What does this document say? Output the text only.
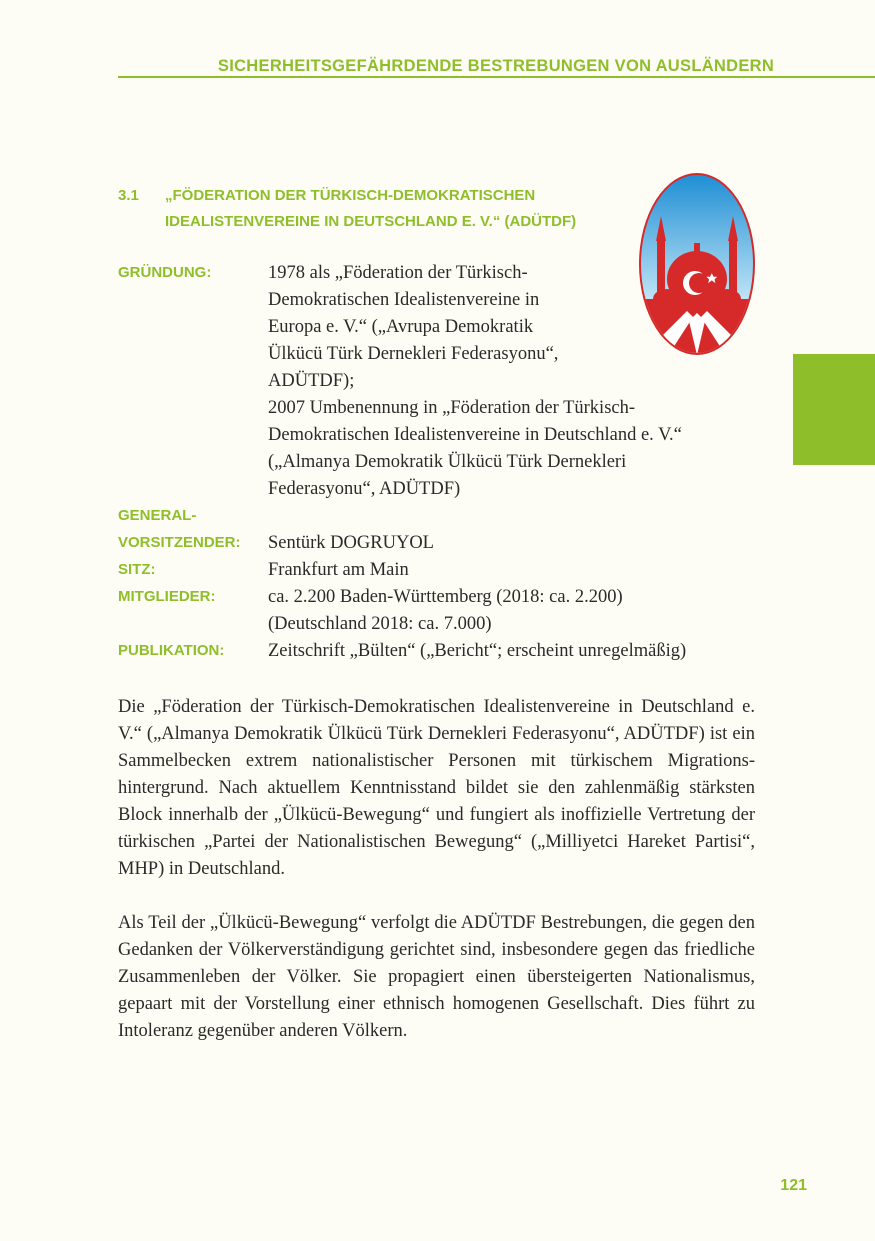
SICHERHEITSGEFÄHRDENDE BESTREBUNGEN VON AUSLÄNDERN
3.1 „FÖDERATION DER TÜRKISCH-DEMOKRATISCHEN
IDEALISTENVEREINE IN DEUTSCHLAND E. V.“ (ADÜTDF)
GRÜNDUNG:	1978 als „Föderation der Türkisch-
Demokratischen Idealistenvereine in
Europa e. V.“ („Avrupa Demokratik
Ülkücü Türk Dernekleri Federasyonu“,
ADÜTDF);
2007 Umbenennung in „Föderation der Türkisch-
Demokratischen Idealistenvereine in Deutschland e. V.“
(„Almanya Demokratik Ülkücü Türk Dernekleri
Federasyonu“, ADÜTDF)
GENERAL-

VORSITZENDER: Sentürk DOGRUYOL
SITZ:	Frankfurt am Main
MITGLIEDER:	ca. 2.200 Baden-Württemberg (2018: ca. 2.200)
(Deutschland 2018: ca. 7.000)
PUBLIKATION: Zeitschrift „Bülten“ („Bericht“; erscheint unregelmäßig)

Die „Föderation der Türkisch-Demokratischen Idealistenvereine in Deutschland e. V.“ („Almanya Demokratik Ülkücü Türk Dernekleri Federasyonu“, ADÜTDF) ist ein Sammelbecken extrem nationalistischer Personen mit türkischem Migrationshintergrund. Nach aktuellem Kenntnisstand bildet sie den zahlenmäßig stärksten Block innerhalb der „Ülkücü-Bewegung“ und fungiert als inoffizielle Vertretung der türkischen „Partei der Nationalistischen Bewegung“ („Milliyetci Hareket Partisi“, MHP) in Deutschland.

Als Teil der „Ülkücü-Bewegung“ verfolgt die ADÜTDF Bestrebungen, die gegen den Gedanken der Völkerverständigung gerichtet sind, insbesondere gegen das friedliche Zusammenleben der Völker. Sie propagiert einen übersteigerten Nationalismus, gepaart mit der Vorstellung einer ethnisch homogenen Gesellschaft. Dies führt zu Intoleranz gegenüber anderen Völkern.

121
